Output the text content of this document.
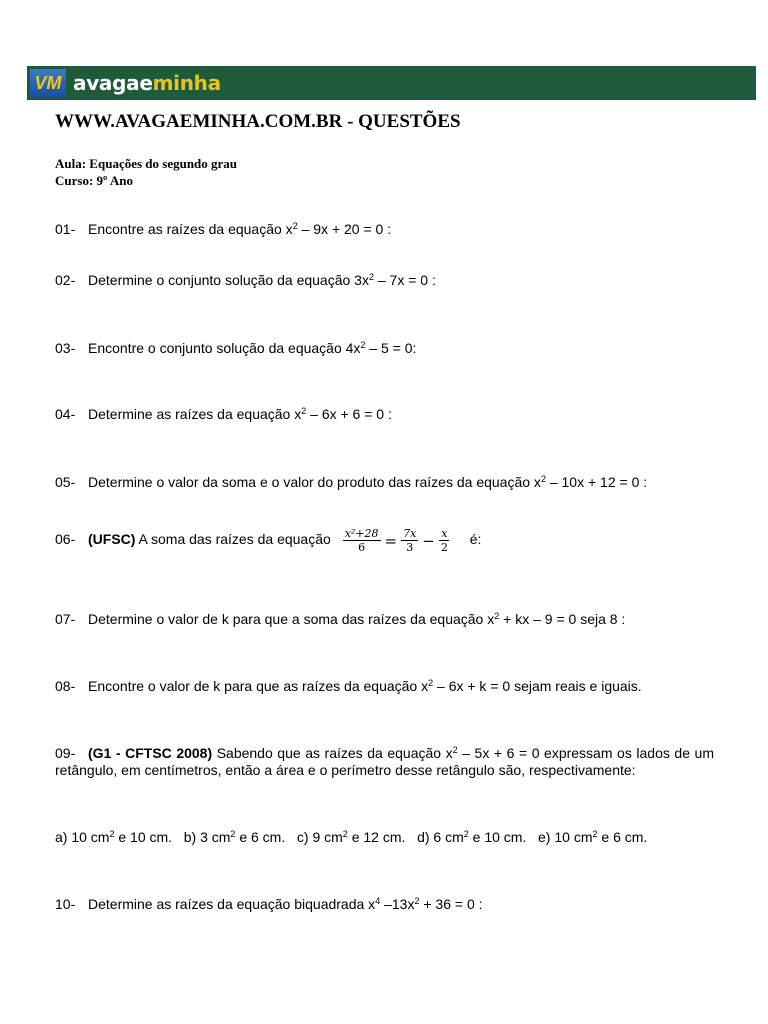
VM avagaeminha
WWW.AVAGAEMINHA.COM.BR - QUESTÕES
Aula: Equações do segundo grau
Curso: 9º Ano
01- Encontre as raízes da equação $x^2 - 9x + 20 = 0$ :
02- Determine o conjunto solução da equação $3x^2 - 7x = 0$ :
03- Encontre o conjunto solução da equação $4x^2 - 5 = 0$:
04- Determine as raízes da equação $x^2 - 6x + 6 = 0$ :
05- Determine o valor da soma e o valor do produto das raízes da equação $x^2 - 10x + 12 = 0$ :
06- (UFSC) A soma das raízes da equação $\frac{\text{x²+28}}{6} = \frac{7x}{3} - \frac{x}{2}$ é:
07- Determine o valor de k para que a soma das raízes da equação $x^2$ + kx – 9 = 0 seja 8 :
08- Encontre o valor de k para que as raízes da equação $x^2 - 6x + k = 0$ sejam reais e iguais.
09- (G1 - CFTSC 2008) Sabendo que as raízes da equação $x^2 - 5x + 6 = 0$ expressam os lados de um retângulo, em centímetros, então a área e o perímetro desse retângulo são, respectivamente:
a) 10 $cm^2$ e 10 cm.   b) 3 $cm^2$ e 6 cm.   c) 9 $cm^2$ e 12 cm.   d) 6 $cm^2$ e 10 cm.   e) 10 $cm^2$ e 6 cm.
10- Determine as raízes da equação biquadrada $x^4$ $-13x^2 + 36 = 0$ :
